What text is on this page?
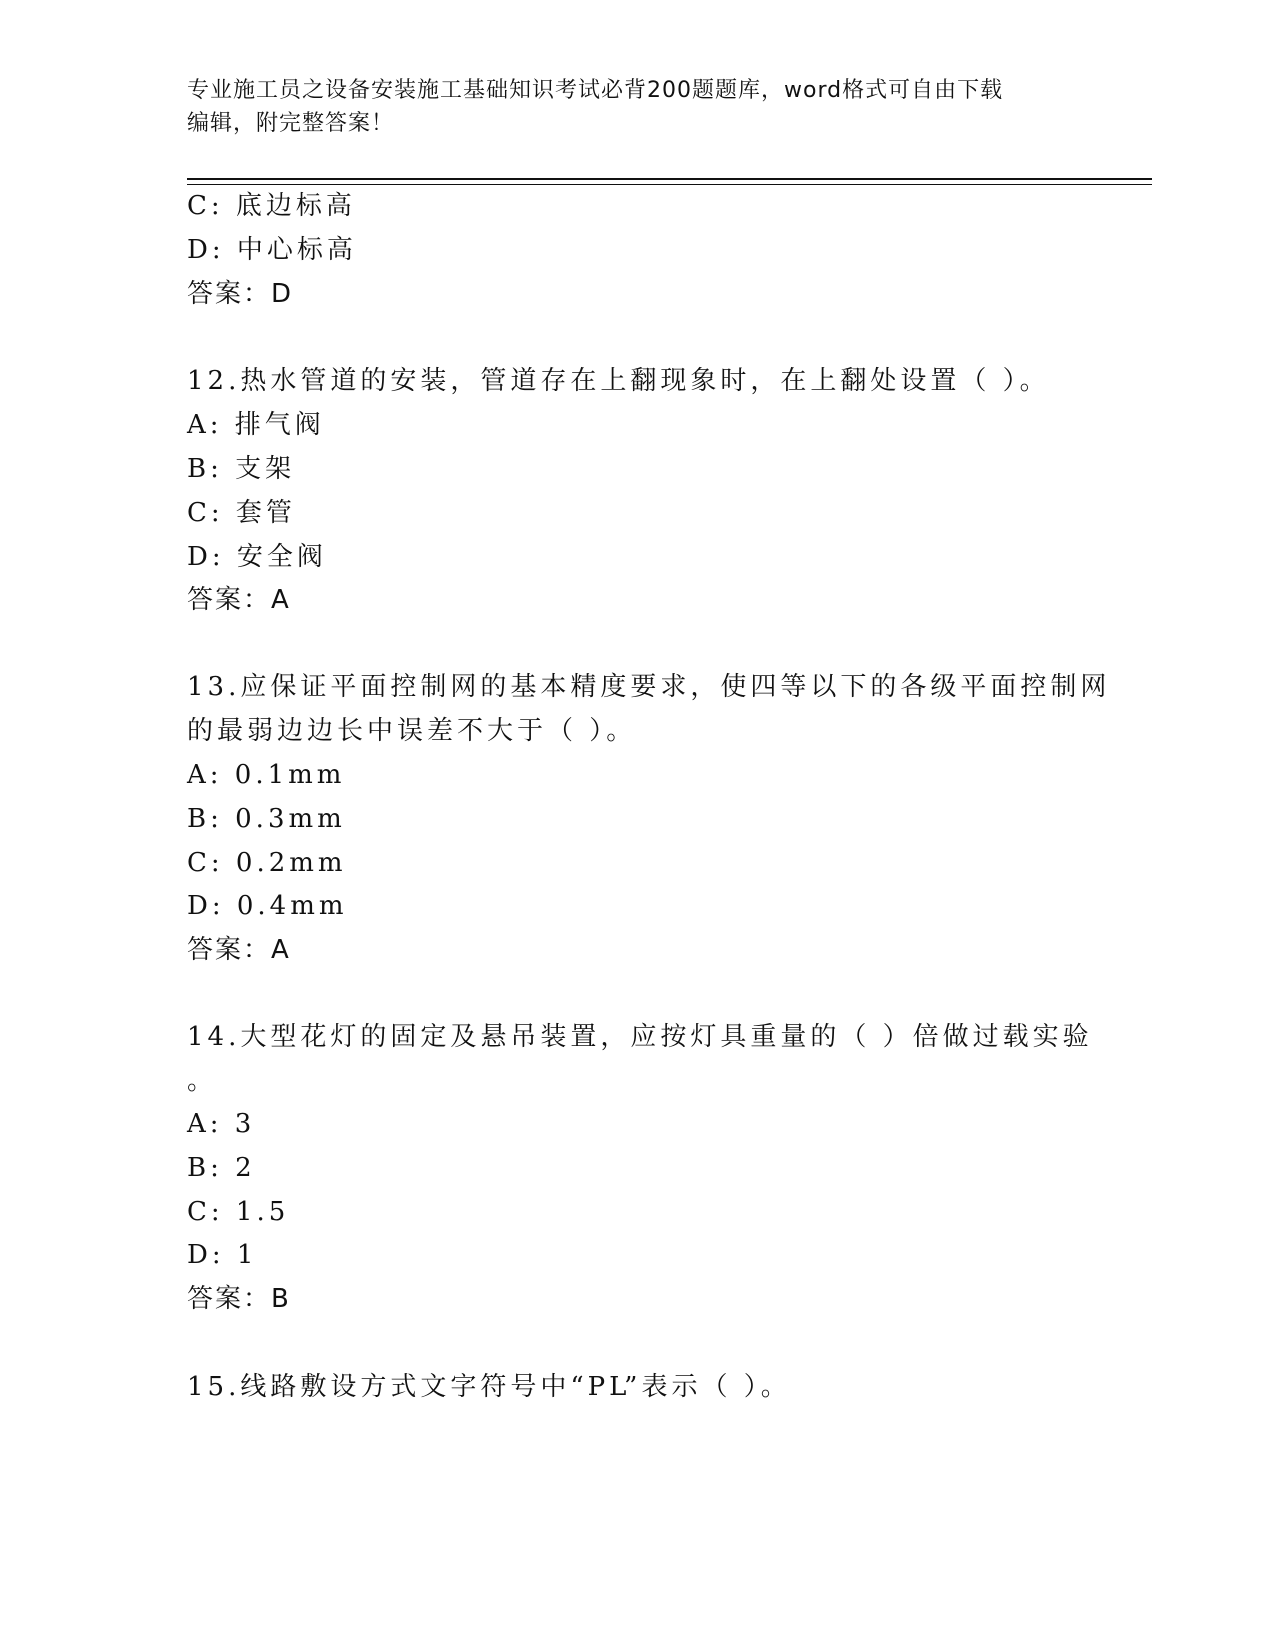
专业施工员之设备安装施工基础知识考试必背200题题库，word格式可自由下载
编辑，附完整答案！
C: 底边标高
D: 中心标高
答案：D
12.热水管道的安装，管道存在上翻现象时，在上翻处设置（ ）。
A: 排气阀
B: 支架
C: 套管
D: 安全阀
答案：A
13.应保证平面控制网的基本精度要求，使四等以下的各级平面控制网
的最弱边边长中误差不大于（ ）。
A: 0.1mm
B: 0.3mm
C: 0.2mm
D: 0.4mm
答案：A
14.大型花灯的固定及悬吊装置，应按灯具重量的（ ）倍做过载实验
。
A: 3
B: 2
C: 1.5
D: 1
答案：B
15.线路敷设方式文字符号中“PL”表示（ ）。
